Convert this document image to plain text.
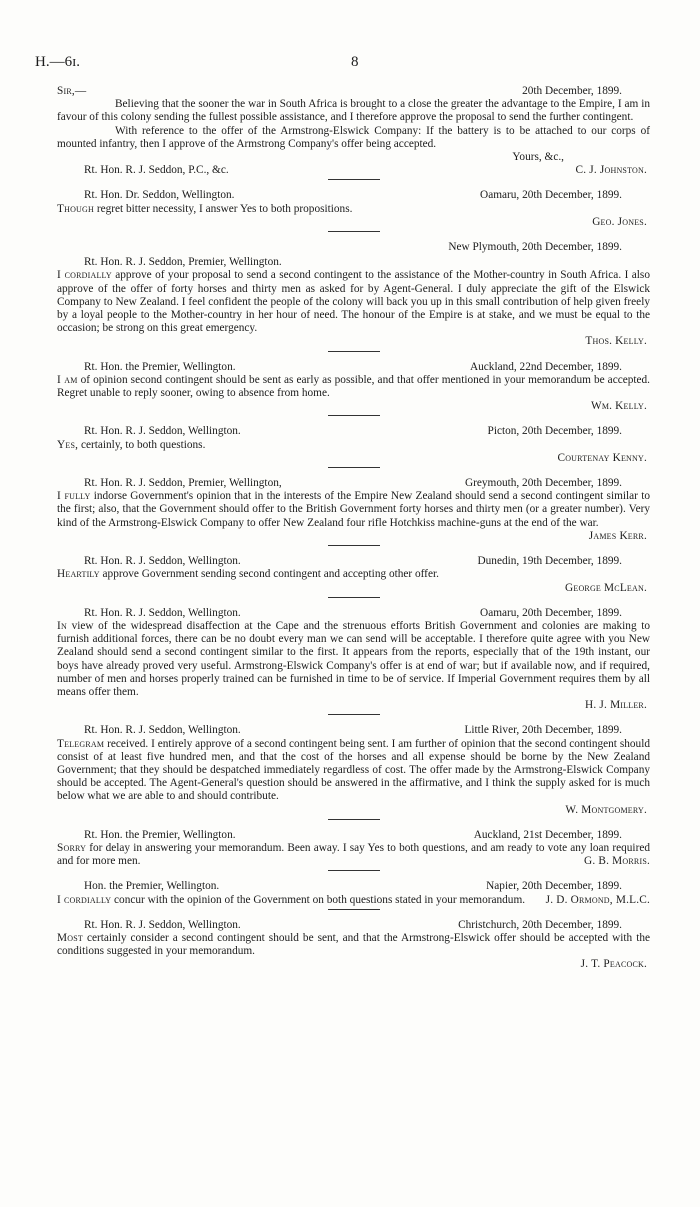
H.—6ɪ.	8
Sir,—	20th December, 1899.

Believing that the sooner the war in South Africa is brought to a close the greater the advantage to the Empire, I am in favour of this colony sending the fullest possible assistance, and I therefore approve the proposal to send the further contingent.

With reference to the offer of the Armstrong-Elswick Company: If the battery is to be attached to our corps of mounted infantry, then I approve of the Armstrong Company's offer being accepted.

Yours, &c.,
Rt. Hon. R. J. Seddon, P.C., &c.	C. J. Johnston.
Rt. Hon. Dr. Seddon, Wellington.	Oamaru, 20th December, 1899.

Though regret bitter necessity, I answer Yes to both propositions.

Geo. Jones.
New Plymouth, 20th December, 1899.
Rt. Hon. R. J. Seddon, Premier, Wellington.

I cordially approve of your proposal to send a second contingent to the assistance of the Mother-country in South Africa. I also approve of the offer of forty horses and thirty men as asked for by Agent-General. I duly appreciate the gift of the Elswick Company to New Zealand. I feel confident the people of the colony will back you up in this small contribution of help given freely by a loyal people to the Mother-country in her hour of need. The honour of the Empire is at stake, and we must be equal to the occasion; be strong on this great emergency.

Thos. Kelly.
Rt. Hon. the Premier, Wellington.	Auckland, 22nd December, 1899.

I am of opinion second contingent should be sent as early as possible, and that offer mentioned in your memorandum be accepted. Regret unable to reply sooner, owing to absence from home.

Wm. Kelly.
Rt. Hon. R. J. Seddon, Wellington.	Picton, 20th December, 1899.

Yes, certainly, to both questions.

Courtenay Kenny.
Rt. Hon. R. J. Seddon, Premier, Wellington,	Greymouth, 20th December, 1899.

I fully indorse Government's opinion that in the interests of the Empire New Zealand should send a second contingent similar to the first; also, that the Government should offer to the British Government forty horses and thirty men (or a greater number). Very kind of the Armstrong-Elswick Company to offer New Zealand four rifle Hotchkiss machine-guns at the end of the war.

James Kerr.
Rt. Hon. R. J. Seddon, Wellington.	Dunedin, 19th December, 1899.

Heartily approve Government sending second contingent and accepting other offer.

George McLean.
Rt. Hon. R. J. Seddon, Wellington.	Oamaru, 20th December, 1899.

In view of the widespread disaffection at the Cape and the strenuous efforts British Government and colonies are making to furnish additional forces, there can be no doubt every man we can send will be acceptable. I therefore quite agree with you New Zealand should send a second contingent similar to the first. It appears from the reports, especially that of the 19th instant, our boys have already proved very useful. Armstrong-Elswick Company's offer is at end of war; but if available now, and if required, number of men and horses properly trained can be furnished in time to be of service. If Imperial Government requires them by all means offer them.

H. J. Miller.
Rt. Hon. R. J. Seddon, Wellington.	Little River, 20th December, 1899.

Telegram received. I entirely approve of a second contingent being sent. I am further of opinion that the second contingent should consist of at least five hundred men, and that the cost of the horses and all expense should be borne by the New Zealand Government; that they should be despatched immediately regardless of cost. The offer made by the Armstrong-Elswick Company should be accepted. The Agent-General's question should be answered in the affirmative, and I think the supply asked for is much below what we are able to and should contribute.

W. Montgomery.
Rt. Hon. the Premier, Wellington.	Auckland, 21st December, 1899.

Sorry for delay in answering your memorandum. Been away. I say Yes to both questions, and am ready to vote any loan required and for more men.	G. B. Morris.

Hon. the Premier, Wellington.	Napier, 20th December, 1899.

I cordially concur with the opinion of the Government on both questions stated in your memorandum. J. D. Ormond, M.L.C.

Rt. Hon. R. J. Seddon, Wellington.	Christchurch, 20th December, 1899.

Most certainly consider a second contingent should be sent, and that the Armstrong-Elswick offer should be accepted with the conditions suggested in your memorandum.

J. T. Peacock.
